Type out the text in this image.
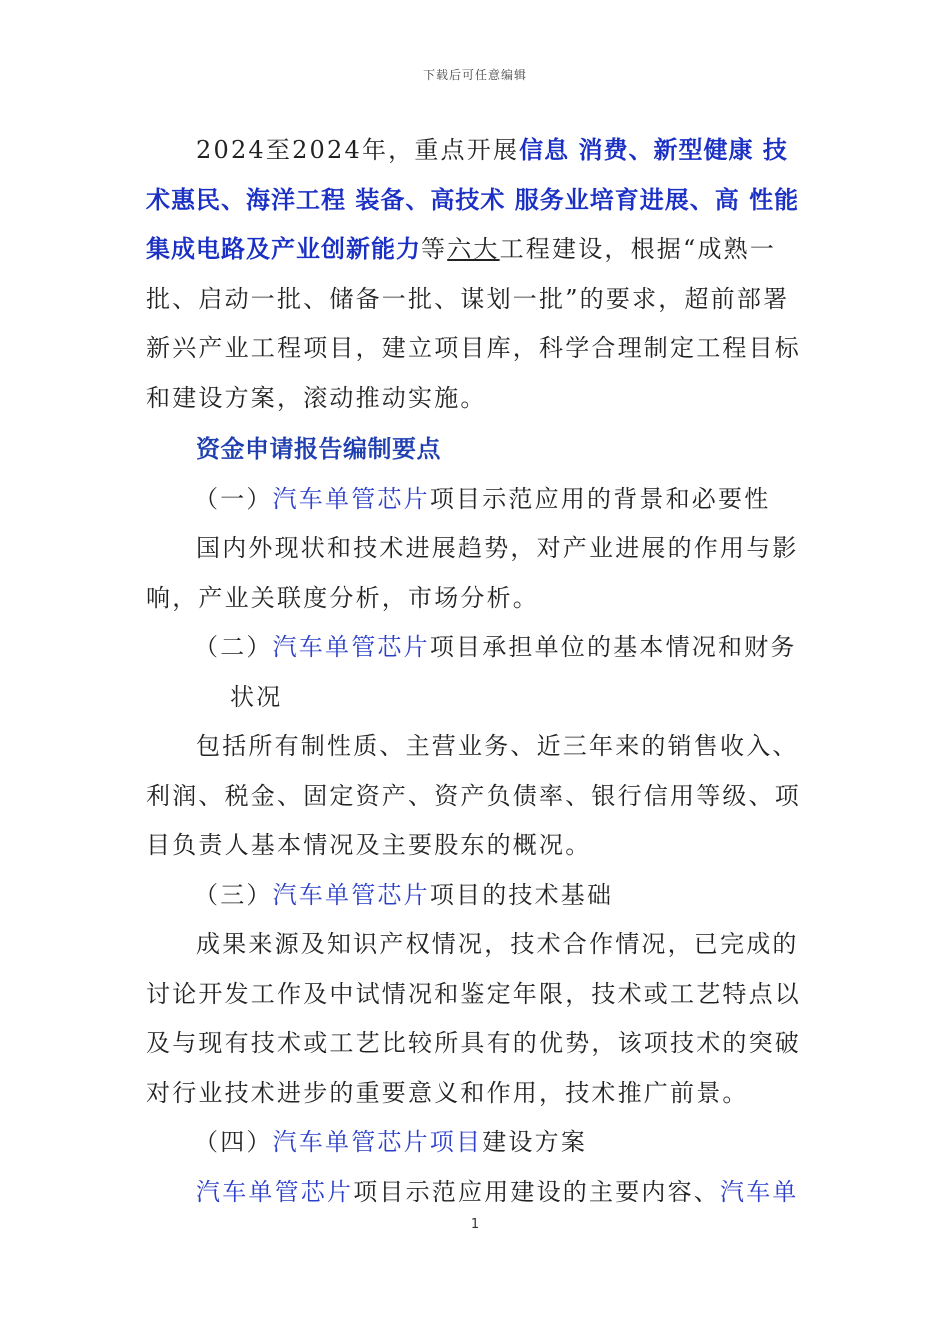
下载后可任意编辑

2024至2024年，重点开展信息 消费、新型健康 技术惠民、海洋工程 装备、高技术 服务业培育进展、高 性能集成电路及产业创新能力等六大工程建设，根据“成熟一批、启动一批、储备一批、谋划一批”的要求，超前部署新兴产业工程项目，建立项目库，科学合理制定工程目标和建设方案，滚动推动实施。

资金申请报告编制要点

（一）汽车单管芯片项目示范应用的背景和必要性

国内外现状和技术进展趋势，对产业进展的作用与影响，产业关联度分析，市场分析。

（二）汽车单管芯片项目承担单位的基本情况和财务
状况

包括所有制性质、主营业务、近三年来的销售收入、利润、税金、固定资产、资产负债率、银行信用等级、项目负责人基本情况及主要股东的概况。

（三）汽车单管芯片项目的技术基础

成果来源及知识产权情况，技术合作情况，已完成的讨论开发工作及中试情况和鉴定年限，技术或工艺特点以及与现有技术或工艺比较所具有的优势，该项技术的突破对行业技术进步的重要意义和作用，技术推广前景。

（四）汽车单管芯片项目建设方案

汽车单管芯片项目示范应用建设的主要内容、汽车单

1
